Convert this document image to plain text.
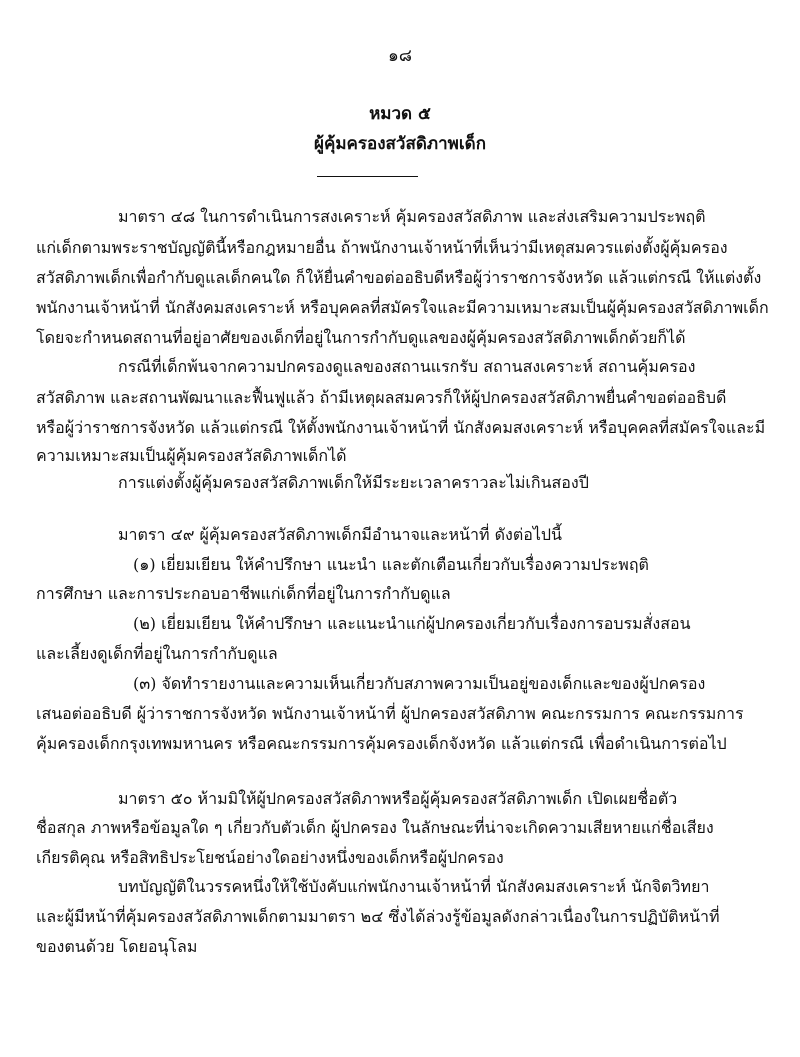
๑๘
หมวด ๕
ผู้คุ้มครองสวัสดิภาพเด็ก
มาตรา ๔๘ ในการดำเนินการสงเคราะห์ คุ้มครองสวัสดิภาพ และส่งเสริมความประพฤติ
แก่เด็กตามพระราชบัญญัตินี้หรือกฎหมายอื่น ถ้าพนักงานเจ้าหน้าที่เห็นว่ามีเหตุสมควรแต่งตั้งผู้คุ้มครอง
สวัสดิภาพเด็กเพื่อกำกับดูแลเด็กคนใด ก็ให้ยื่นคำขอต่ออธิบดีหรือผู้ว่าราชการจังหวัด แล้วแต่กรณี ให้แต่งตั้ง
พนักงานเจ้าหน้าที่ นักสังคมสงเคราะห์ หรือบุคคลที่สมัครใจและมีความเหมาะสมเป็นผู้คุ้มครองสวัสดิภาพเด็ก
โดยจะกำหนดสถานที่อยู่อาศัยของเด็กที่อยู่ในการกำกับดูแลของผู้คุ้มครองสวัสดิภาพเด็กด้วยก็ได้
กรณีที่เด็กพ้นจากความปกครองดูแลของสถานแรกรับ สถานสงเคราะห์ สถานคุ้มครอง
สวัสดิภาพ และสถานพัฒนาและฟื้นฟูแล้ว ถ้ามีเหตุผลสมควรก็ให้ผู้ปกครองสวัสดิภาพยื่นคำขอต่ออธิบดี
หรือผู้ว่าราชการจังหวัด แล้วแต่กรณี ให้ตั้งพนักงานเจ้าหน้าที่ นักสังคมสงเคราะห์ หรือบุคคลที่สมัครใจและมี
ความเหมาะสมเป็นผู้คุ้มครองสวัสดิภาพเด็กได้
การแต่งตั้งผู้คุ้มครองสวัสดิภาพเด็กให้มีระยะเวลาคราวละไม่เกินสองปี
มาตรา ๔๙ ผู้คุ้มครองสวัสดิภาพเด็กมีอำนาจและหน้าที่ ดังต่อไปนี้
(๑) เยี่ยมเยียน ให้คำปรึกษา แนะนำ และตักเตือนเกี่ยวกับเรื่องความประพฤติ
การศึกษา และการประกอบอาชีพแก่เด็กที่อยู่ในการกำกับดูแล
(๒) เยี่ยมเยียน ให้คำปรึกษา และแนะนำแก่ผู้ปกครองเกี่ยวกับเรื่องการอบรมสั่งสอน
และเลี้ยงดูเด็กที่อยู่ในการกำกับดูแล
(๓) จัดทำรายงานและความเห็นเกี่ยวกับสภาพความเป็นอยู่ของเด็กและของผู้ปกครอง
เสนอต่ออธิบดี ผู้ว่าราชการจังหวัด พนักงานเจ้าหน้าที่ ผู้ปกครองสวัสดิภาพ คณะกรรมการ คณะกรรมการ
คุ้มครองเด็กกรุงเทพมหานคร หรือคณะกรรมการคุ้มครองเด็กจังหวัด แล้วแต่กรณี เพื่อดำเนินการต่อไป
มาตรา ๕๐ ห้ามมิให้ผู้ปกครองสวัสดิภาพหรือผู้คุ้มครองสวัสดิภาพเด็ก เปิดเผยชื่อตัว
ชื่อสกุล ภาพหรือข้อมูลใด ๆ เกี่ยวกับตัวเด็ก ผู้ปกครอง ในลักษณะที่น่าจะเกิดความเสียหายแก่ชื่อเสียง
เกียรติคุณ หรือสิทธิประโยชน์อย่างใดอย่างหนึ่งของเด็กหรือผู้ปกครอง
บทบัญญัติในวรรคหนึ่งให้ใช้บังคับแก่พนักงานเจ้าหน้าที่ นักสังคมสงเคราะห์ นักจิตวิทยา
และผู้มีหน้าที่คุ้มครองสวัสดิภาพเด็กตามมาตรา ๒๔ ซึ่งได้ล่วงรู้ข้อมูลดังกล่าวเนื่องในการปฏิบัติหน้าที่
ของตนด้วย โดยอนุโลม
